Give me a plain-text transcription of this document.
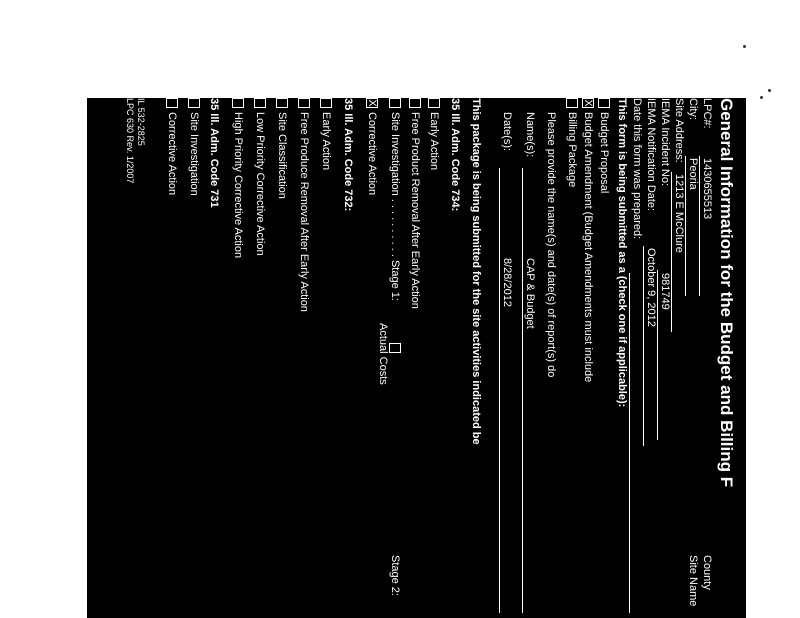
General Information for the Budget and Billing F
LPC#:
1430655513
County
City:
Peoria
Site Name
Site Address:
1213 E McClure
IEMA Incident No:
981749
IEMA Notification Date:
October 9, 2012
Date this form was prepared:
This form is being submitted as a (check one if applicable):
Budget Proposal
X
Budget Amendment (Budget Amendments must include
Billing Package
Please provide the name(s) and date(s) of report(s) do
Name(s):
CAP & Budget
Date(s):
8/28/2012
This package is being submitted for the site activities indicated be
35 Ill. Adm. Code 734:
Early Action
Free Product Removal After Early Action
Site Investigation . . . . . . . . . . Stage 1:
Stage 2:
Actual Costs
X
Corrective Action
35 Ill. Adm. Code 732:
Early Action
Free Produce Removal After Early Action
Site Classification
Low Priority Corrective Action
High Priority Corrective Action
35 Ill. Adm. Code 731
Site Investigation
Corrective Action
IL 532-2825
LPC 630 Rev. 1/2007
